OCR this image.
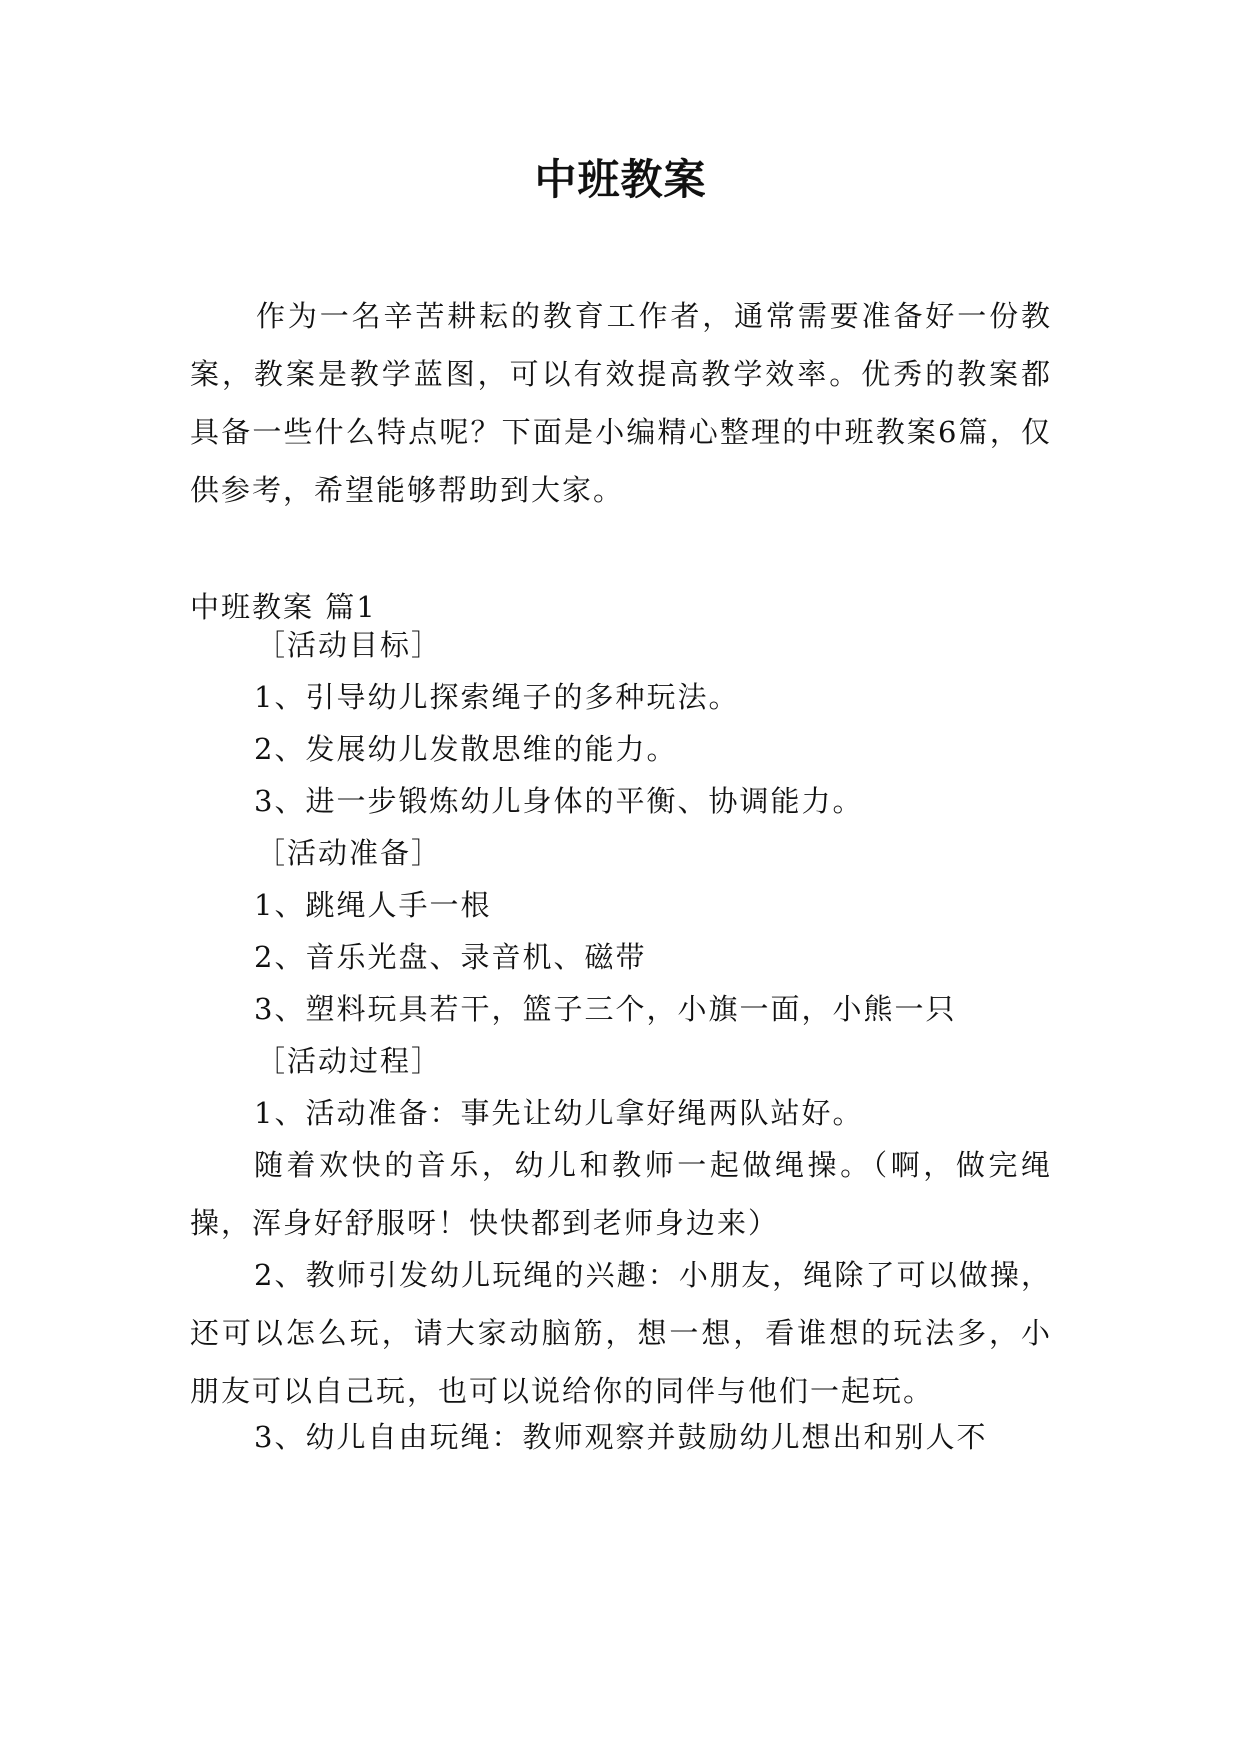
中班教案
作为一名辛苦耕耘的教育工作者，通常需要准备好一份教案，教案是教学蓝图，可以有效提高教学效率。优秀的教案都具备一些什么特点呢？下面是小编精心整理的中班教案6篇，仅供参考，希望能够帮助到大家。
中班教案 篇1
［活动目标］
1、引导幼儿探索绳子的多种玩法。
2、发展幼儿发散思维的能力。
3、进一步锻炼幼儿身体的平衡、协调能力。
［活动准备］
1、跳绳人手一根
2、音乐光盘、录音机、磁带
3、塑料玩具若干，篮子三个，小旗一面，小熊一只
［活动过程］
1、活动准备：事先让幼儿拿好绳两队站好。
随着欢快的音乐，幼儿和教师一起做绳操。（啊，做完绳操，浑身好舒服呀！快快都到老师身边来）
2、教师引发幼儿玩绳的兴趣：小朋友，绳除了可以做操，还可以怎么玩，请大家动脑筋，想一想，看谁想的玩法多，小朋友可以自己玩，也可以说给你的同伴与他们一起玩。
3、幼儿自由玩绳：教师观察并鼓励幼儿想出和别人不
